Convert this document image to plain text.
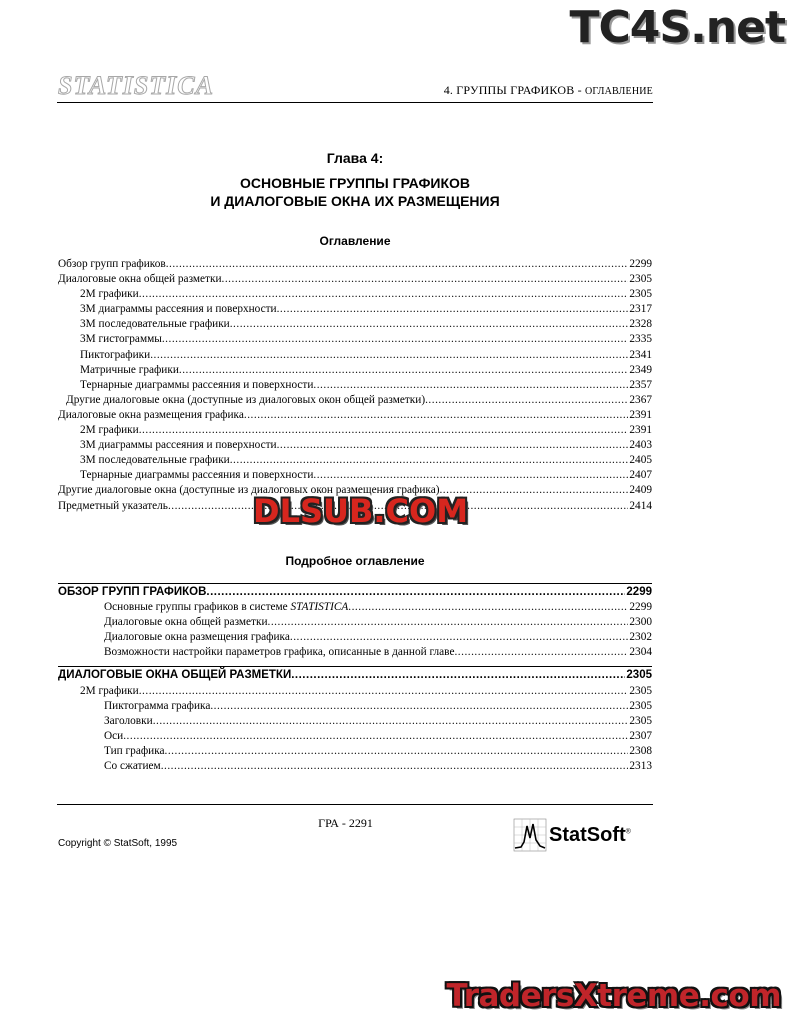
TC4S.net
STATISTICA	4. ГРУППЫ ГРАФИКОВ - ОГЛАВЛЕНИЕ
Глава 4:
ОСНОВНЫЕ ГРУППЫ ГРАФИКОВ
И ДИАЛОГОВЫЕ ОКНА ИХ РАЗМЕЩЕНИЯ
Оглавление
Обзор групп графиков .....	2299
Диалоговые окна общей разметки .....	2305
2М графики .....	2305
3М диаграммы рассеяния и поверхности .....	2317
3М последовательные графики .....	2328
3М гистограммы .....	2335
Пиктографики .....	2341
Матричные графики .....	2349
Тернарные диаграммы рассеяния и поверхности .....	2357
Другие диалоговые окна (доступные из диалоговых окон общей разметки) .....	2367
Диалоговые окна размещения графика .....	2391
2М графики .....	2391
3М диаграммы рассеяния и поверхности .....	2403
3М последовательные графики .....	2405
Тернарные диаграммы рассеяния и поверхности .....	2407
Другие диалоговые окна (доступные из диалоговых окон размещения графика) .....	2409
Предметный указатель .....	2414
DLSUB.COM
Подробное оглавление
ОБЗОР ГРУПП ГРАФИКОВ .....	2299
Основные группы графиков в системе STATISTICA .....	2299
Диалоговые окна общей разметки .....	2300
Диалоговые окна размещения графика .....	2302
Возможности настройки параметров графика, описанные в данной главе .....	2304
ДИАЛОГОВЫЕ ОКНА ОБЩЕЙ РАЗМЕТКИ .....	2305
2М графики .....	2305
Пиктограмма графика .....	2305
Заголовки .....	2305
Оси .....	2307
Тип графика .....	2308
Со сжатием .....	2313
ГРА - 2291
Copyright © StatSoft, 1995	StatSoft®
TradersXtreme.com
